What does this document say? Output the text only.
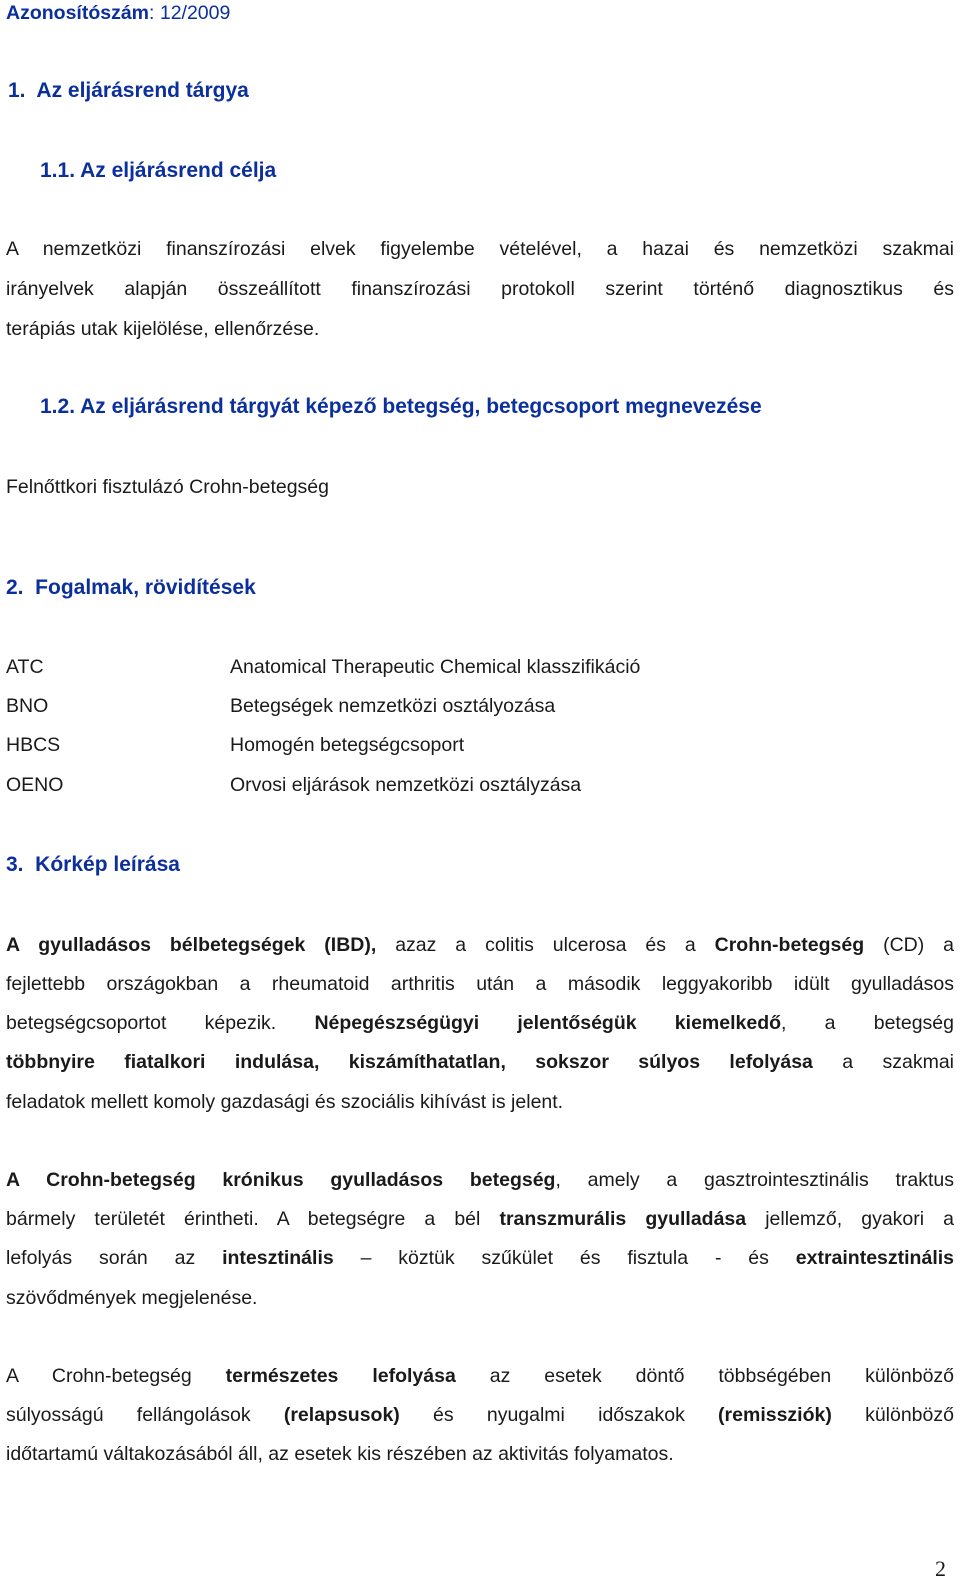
Azonosítószám: 12/2009
1.  Az eljárásrend tárgya
1.1. Az eljárásrend célja
A nemzetközi finanszírozási elvek figyelembe vételével, a hazai és nemzetközi szakmai
irányelvek alapján összeállított finanszírozási protokoll szerint történő diagnosztikus és
terápiás utak kijelölése, ellenőrzése.
1.2. Az eljárásrend tárgyát képező betegség, betegcsoport megnevezése
Felnőttkori fisztulázó Crohn-betegség
2.  Fogalmak, rövidítések
ATC	Anatomical Therapeutic Chemical klasszifikáció
BNO	Betegségek nemzetközi osztályozása
HBCS	Homogén betegségcsoport
OENO	Orvosi eljárások nemzetközi osztályzása
3.  Kórkép leírása
A gyulladásos bélbetegségek (IBD), azaz a colitis ulcerosa és a Crohn-betegség (CD) a
fejlettebb országokban a rheumatoid arthritis után a második leggyakoribb idült gyulladásos
betegségcsoportot képezik. Népegészségügyi jelentőségük kiemelkedő, a betegség
többnyire fiatalkori indulása, kiszámíthatatlan, sokszor súlyos lefolyása a szakmai
feladatok mellett komoly gazdasági és szociális kihívást is jelent.
A Crohn-betegség krónikus gyulladásos betegség, amely a gasztrointesztinális traktus
bármely területét érintheti. A betegségre a bél transzmurális gyulladása jellemző, gyakori a
lefolyás során az intesztinális – köztük szűkület és fisztula - és extraintesztinális
szövődmények megjelenése.
A Crohn-betegség természetes lefolyása az esetek döntő többségében különböző
súlyosságú fellángolások (relapsusok) és nyugalmi időszakok (remissziók) különböző
időtartamú váltakozásából áll, az esetek kis részében az aktivitás folyamatos.
2
